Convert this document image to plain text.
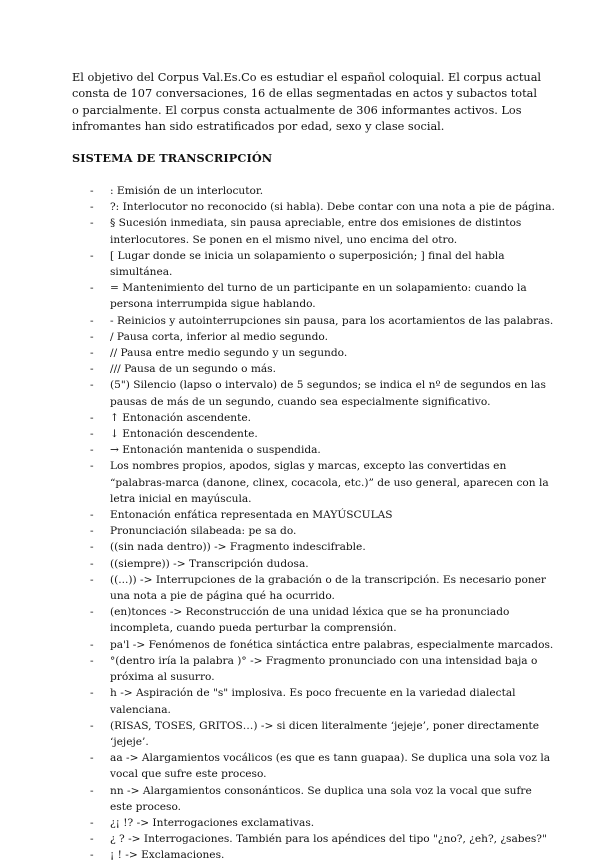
El objetivo del Corpus Val.Es.Co es estudiar el español coloquial. El corpus actual consta de 107 conversaciones, 16 de ellas segmentadas en actos y subactos total o parcialmente. El corpus consta actualmente de 306 informantes activos. Los infromantes han sido estratificados por edad, sexo y clase social.

SISTEMA DE TRANSCRIPCIÓN
- : Emisión de un interlocutor.
- ?: Interlocutor no reconocido (si habla). Debe contar con una nota a pie de página.
- § Sucesión inmediata, sin pausa apreciable, entre dos emisiones de distintos interlocutores. Se ponen en el mismo nivel, uno encima del otro.
- [ Lugar donde se inicia un solapamiento o superposición; ] final del habla simultánea.
- = Mantenimiento del turno de un participante en un solapamiento: cuando la persona interrumpida sigue hablando.
- - Reinicios y autointerrupciones sin pausa, para los acortamientos de las palabras.
- / Pausa corta, inferior al medio segundo.
- // Pausa entre medio segundo y un segundo.
- /// Pausa de un segundo o más.
- (5") Silencio (lapso o intervalo) de 5 segundos; se indica el nº de segundos en las pausas de más de un segundo, cuando sea especialmente significativo.
- ↑ Entonación ascendente.
- ↓ Entonación descendente.
- → Entonación mantenida o suspendida.
- Los nombres propios, apodos, siglas y marcas, excepto las convertidas en “palabras-marca (danone, clinex, cocacola, etc.)” de uso general, aparecen con la letra inicial en mayúscula.
- Entonación enfática representada en MAYÚSCULAS
- Pronunciación silabeada: pe sa do.
- ((sin nada dentro)) -> Fragmento indescifrable.
- ((siempre)) -> Transcripción dudosa.
- ((...)) -> Interrupciones de la grabación o de la transcripción. Es necesario poner una nota a pie de página qué ha ocurrido.
- (en)tonces -> Reconstrucción de una unidad léxica que se ha pronunciado incompleta, cuando pueda perturbar la comprensión.
- pa'l -> Fenómenos de fonética sintáctica entre palabras, especialmente marcados.
- °(dentro iría la palabra )° -> Fragmento pronunciado con una intensidad baja o próxima al susurro.
- h -> Aspiración de "s" implosiva. Es poco frecuente en la variedad dialectal valenciana.
- (RISAS, TOSES, GRITOS…) -> si dicen literalmente ‘jejeje’, poner directamente ‘jejeje’.
- aa -> Alargamientos vocálicos (es que es tann guapaa). Se duplica una sola voz la vocal que sufre este proceso.
- nn -> Alargamientos consonánticos. Se duplica una sola voz la vocal que sufre este proceso.
- ¿¡ !? -> Interrogaciones exclamativas.
- ¿ ? -> Interrogaciones. También para los apéndices del tipo "¿no?, ¿eh?, ¿sabes?"
- ¡ ! -> Exclamaciones.
